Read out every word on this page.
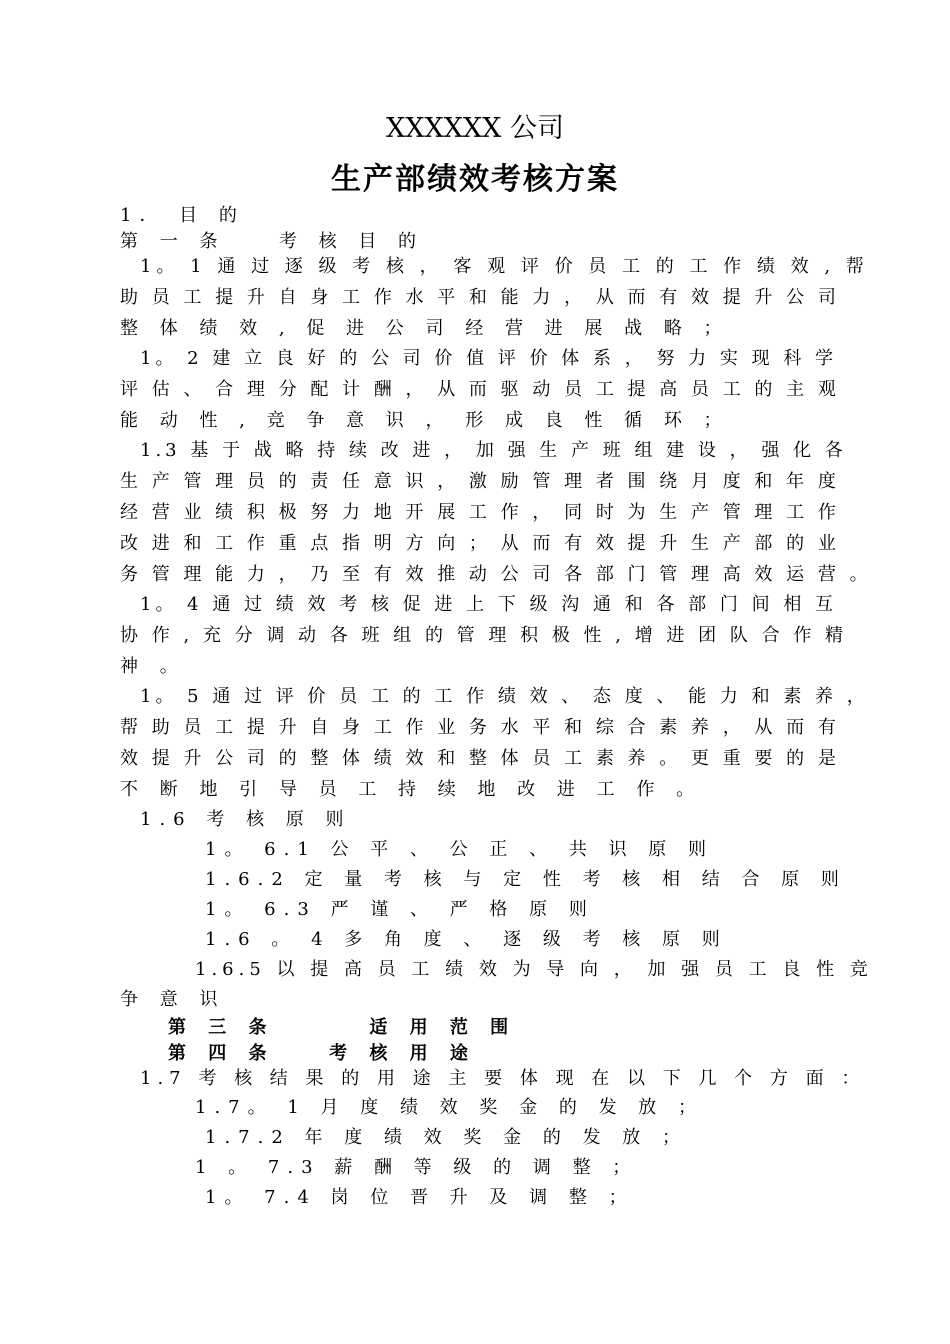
XXXXXX 公司
生产部绩效考核方案
1． 目 的
第 一 条 　 考 核 目 的
1。 1 通 过 逐 级 考 核 ， 客 观 评 价 员 工 的 工 作 绩 效 , 帮
助 员 工 提 升 自 身 工 作 水 平 和 能 力 ， 从 而 有 效 提 升 公 司
整 体 绩 效 , 促 进 公 司 经 营 进 展 战 略 ；
1。 2 建 立 良 好 的 公 司 价 值 评 价 体 系 ， 努 力 实 现 科 学
评 估 、 合 理 分 配 计 酬 ， 从 而 驱 动 员 工 提 高 员 工 的 主 观
能 动 性 , 竞 争 意 识 ， 形 成 良 性 循 环 ；
1.3 基 于 战 略 持 续 改 进 ， 加 强 生 产 班 组 建 设 ， 强 化 各
生 产 管 理 员 的 责 任 意 识 ， 激 励 管 理 者 围 绕 月 度 和 年 度
经 营 业 绩 积 极 努 力 地 开 展 工 作 ， 同 时 为 生 产 管 理 工 作
改 进 和 工 作 重 点 指 明 方 向 ； 从 而 有 效 提 升 生 产 部 的 业
务 管 理 能 力 ， 乃 至 有 效 推 动 公 司 各 部 门 管 理 高 效 运 营 。
1。 4 通 过 绩 效 考 核 促 进 上 下 级 沟 通 和 各 部 门 间 相 互
协 作 , 充 分 调 动 各 班 组 的 管 理 积 极 性 , 增 进 团 队 合 作 精
神 。
1。 5 通 过 评 价 员 工 的 工 作 绩 效 、 态 度 、 能 力 和 素 养 ，
帮 助 员 工 提 升 自 身 工 作 业 务 水 平 和 综 合 素 养 ， 从 而 有
效 提 升 公 司 的 整 体 绩 效 和 整 体 员 工 素 养 。 更 重 要 的 是
不 断 地 引 导 员 工 持 续 地 改 进 工 作 。
1.6 考 核 原 则
1。 6.1 公 平 、 公 正 、 共 识 原 则
1.6.2 定 量 考 核 与 定 性 考 核 相 结 合 原 则
1。 6.3 严 谨 、 严 格 原 则
1.6 。 4 多 角 度 、 逐 级 考 核 原 则
1.6.5 以 提 高 员 工 绩 效 为 导 向 ， 加 强 员 工 良 性 竞
争 意 识
第 三 条 　 　 适 用 范 围
第 四 条 　 考 核 用 途
1.7 考 核 结 果 的 用 途 主 要 体 现 在 以 下 几 个 方 面 ：
1.7。 1 月 度 绩 效 奖 金 的 发 放 ；
1.7.2 年 度 绩 效 奖 金 的 发 放 ；
1 。 7.3 薪 酬 等 级 的 调 整 ；
1。 7.4 岗 位 晋 升 及 调 整 ；
